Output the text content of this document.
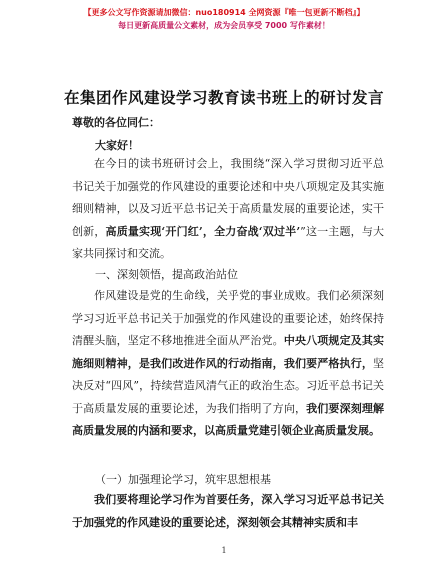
【更多公文写作资源请加微信：nuo180914 全网资源『唯一包更新不断档』】
每日更新高质量公文素材，成为会员享受 7000 写作素材！
在集团作风建设学习教育读书班上的研讨发言
尊敬的各位同仁：
大家好！

在今日的读书班研讨会上，我围绕“深入学习贯彻习近平总书记关于加强党的作风建设的重要论述和中央八项规定及其实施细则精神，以及习近平总书记关于高质量发展的重要论述，实干创新，高质量实现‘开门红’，全力奋战‘双过半’”这一主题，与大家共同探讨和交流。

一、深刻领悟，提高政治站位

作风建设是党的生命线，关乎党的事业成败。我们必须深刻学习习近平总书记关于加强党的作风建设的重要论述，始终保持清醒头脑，坚定不移地推进全面从严治党。中央八项规定及其实施细则精神，是我们改进作风的行动指南，我们要严格执行，坚决反对“四风”，持续营造风清气正的政治生态。习近平总书记关于高质量发展的重要论述，为我们指明了方向，我们要深刻理解高质量发展的内涵和要求，以高质量党建引领企业高质量发展。

（一）加强理论学习，筑牢思想根基

我们要将理论学习作为首要任务，深入学习习近平总书记关于加强党的作风建设的重要论述，深刻领会其精神实质和丰

1
